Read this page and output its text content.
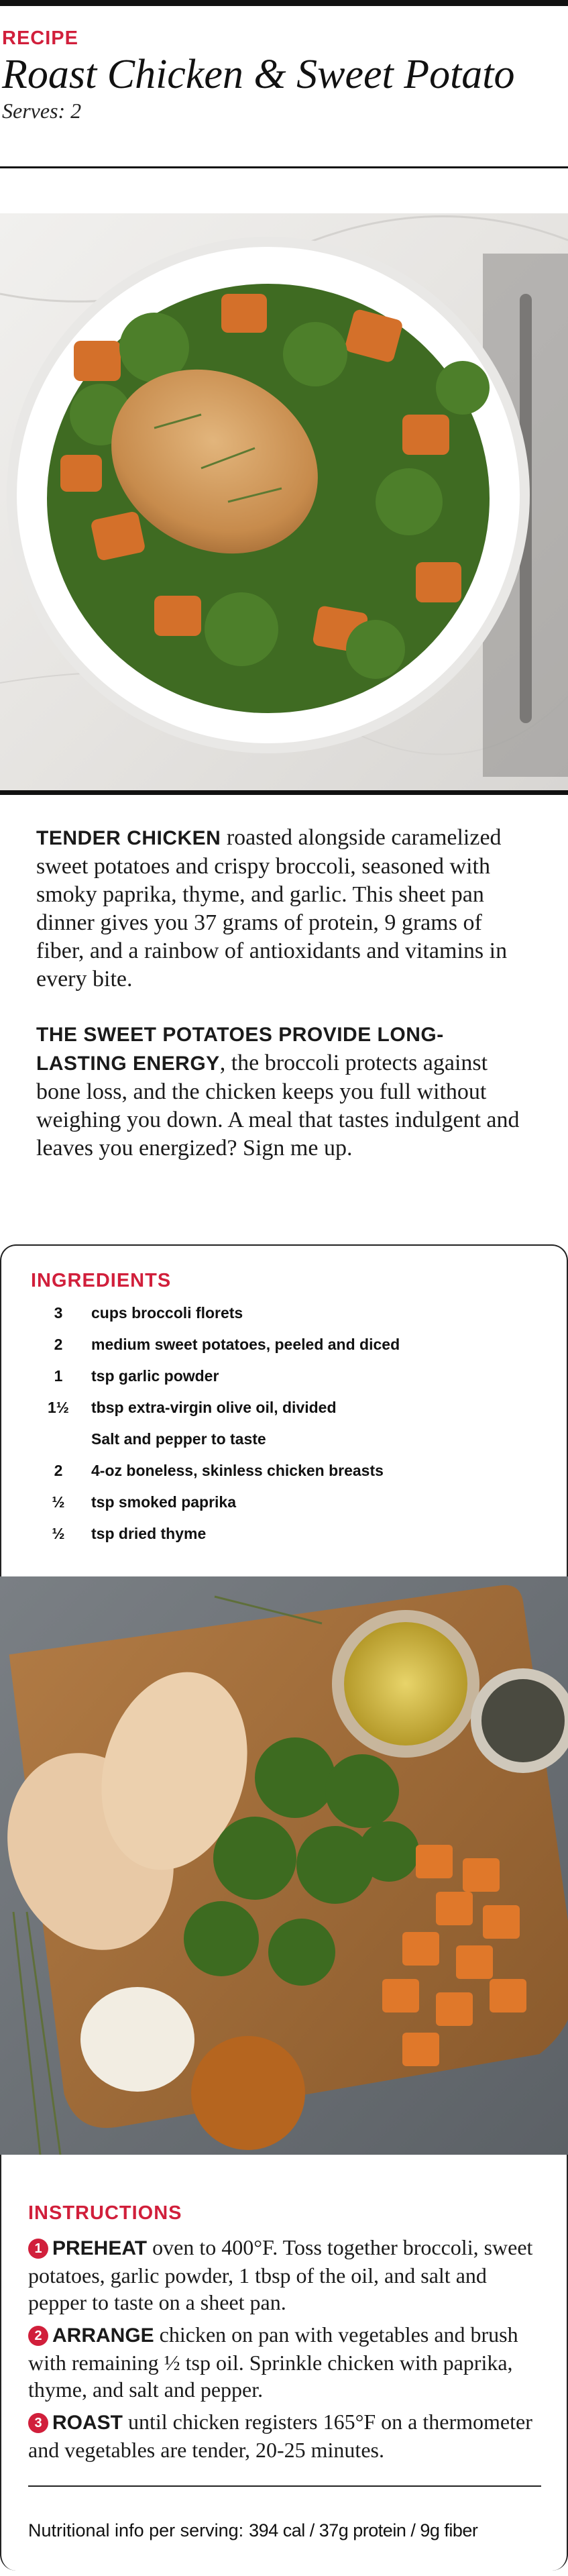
RECIPE
Roast Chicken & Sweet Potato
Serves: 2

TENDER CHICKEN roasted alongside caramelized sweet potatoes and crispy broccoli, seasoned with smoky paprika, thyme, and garlic. This sheet pan dinner gives you 37 grams of protein, 9 grams of fiber, and a rainbow of antioxidants and vitamins in every bite.

THE SWEET POTATOES PROVIDE LONG-LASTING ENERGY, the broccoli protects against bone loss, and the chicken keeps you full without weighing you down. A meal that tastes indulgent and leaves you energized? Sign me up.

INGREDIENTS
3	cups broccoli florets
2	medium sweet potatoes, peeled and diced
1	tsp garlic powder
1½	tbsp extra-virgin olive oil, divided
Salt and pepper to taste
2	4-oz boneless, skinless chicken breasts
½	tsp smoked paprika
½	tsp dried thyme
INSTRUCTIONS
1 PREHEAT oven to 400°F. Toss together broccoli, sweet potatoes, garlic powder, 1 tbsp of the oil, and salt and pepper to taste on a sheet pan.
2 ARRANGE chicken on pan with vegetables and brush with remaining ½ tsp oil. Sprinkle chicken with paprika, thyme, and salt and pepper.
3 ROAST until chicken registers 165°F on a thermometer and vegetables are tender, 20-25 minutes.
Nutritional info per serving: 394 cal / 37g protein / 9g fiber
